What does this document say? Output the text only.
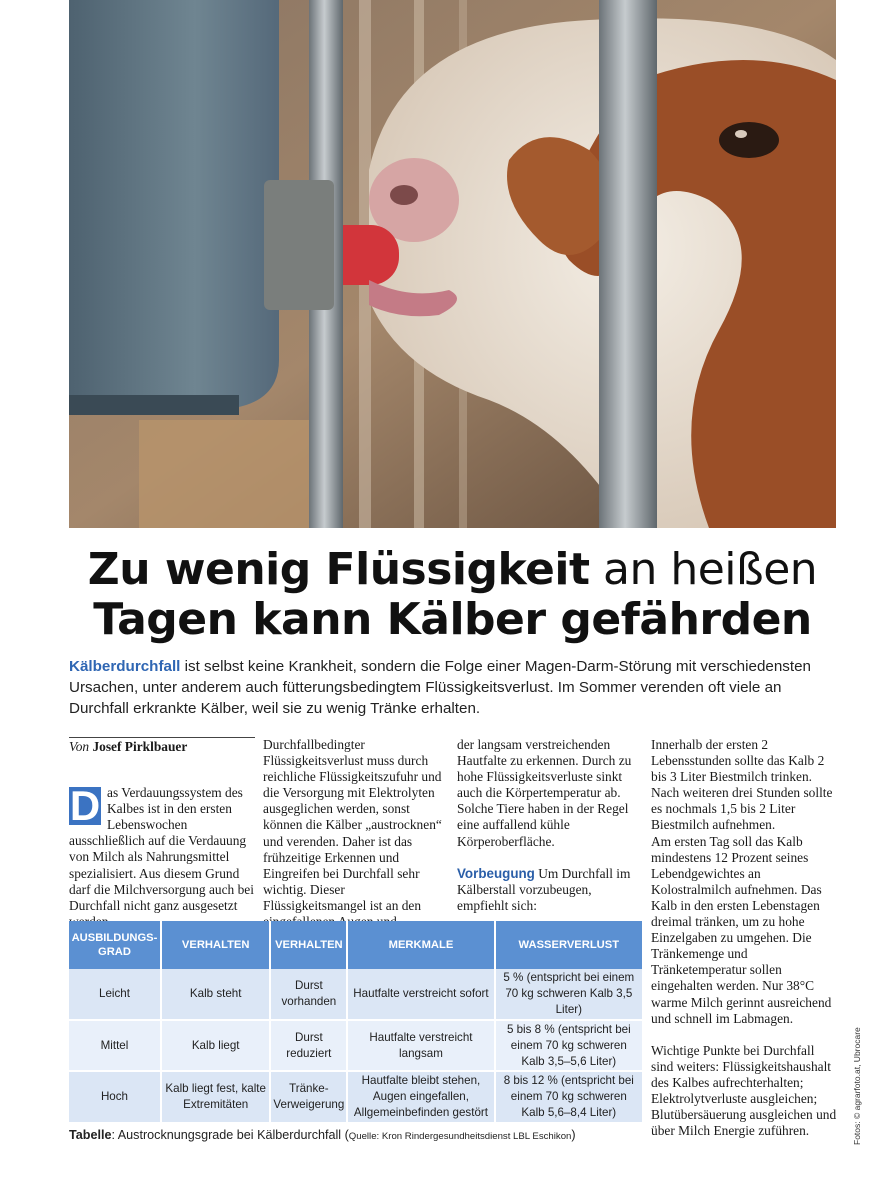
Zu wenig Flüssigkeit an heißen
Tagen kann Kälber gefährden

Kälberdurchfall ist selbst keine Krankheit, sondern die Folge einer Magen-Darm-Störung mit verschiedensten Ursachen, unter anderem auch fütterungsbedingtem Flüssigkeitsverlust. Im Sommer verenden oft viele an Durchfall erkrankte Kälber, weil sie zu wenig Tränke erhalten.

Von Josef Pirklbauer
D as Verdauungssystem des Kalbes ist in den ersten Lebenswochen ausschließlich auf die Verdauung von Milch als Nahrungsmittel spezialisiert. Aus diesem Grund darf die Milchversorgung auch bei Durchfall nicht ganz ausgesetzt

Durchfallbedingter Flüssigkeitsverlust muss durch reichliche Flüssigkeitszufuhr und die Versorgung mit Elektrolyten ausgeglichen werden, sonst können die Kälber „austrocknen“ und verenden. Daher ist das frühzeitige Erkennen und Eingreifen bei Durchfall sehr wichtig. Dieser Flüssigkeitsmangel ist an den

der langsam verstreichenden Hautfalte zu erkennen. Durch zu hohe Flüssigkeitsverluste sinkt auch die Körpertemperatur ab. Solche Tiere haben in der Regel eine auffallend kühle Körperoberfläche.

Vorbeugung Um Durchfall im Kälberstall vorzubeugen, empfiehlt sich:

Innerhalb der ersten 2 Lebensstunden sollte das Kalb 2 bis 3 Liter Biestmilch trinken. Nach weiteren drei Stunden sollte es nochmals 1,5 bis 2 Liter Biestmilch aufnehmen.

Am ersten Tag soll das Kalb mindestens 12 Prozent seines Lebendgewichtes an Kolostralmilch aufnehmen. Das Kalb in den ersten Lebenstagen dreimal tränken, um zu hohe Einzelgaben zu umgehen. Die Tränkemenge und Tränketemperatur sollen eingehalten werden. Nur 38°C warme Milch gerinnt ausreichend und schnell im Labmagen.

Wichtige Punkte bei Durchfall sind weiters: Flüssigkeitshaushalt des Kalbes aufrechterhalten; Elektrolytverluste ausgleichen; Blutübersäuerung ausgleichen und über Milch Energie zuführen.

AUSBILDUNGS-GRAD	VERHALTEN	VERHALTEN	MERKMALE	WASSERVERLUST
Leicht	Kalb steht	Durst vorhanden	Hautfalte verstreicht sofort	5 % (entspricht bei einem 70 kg schweren Kalb 3,5 Liter)
Mittel	Kalb liegt	Durst reduziert	Hautfalte verstreicht langsam	5 bis 8 % (entspricht bei einem 70 kg schweren Kalb 3,5–5,6 Liter)
Hoch	Kalb liegt fest, kalte Extremitäten	Tränke-Verweigerung	Hautfalte bleibt stehen, Augen eingefallen, Allgemeinbefinden gestört	8 bis 12 % (entspricht bei einem 70 kg schweren Kalb 5,6–8,4 Liter)
Tabelle: Austrocknungsgrade bei Kälberdurchfall (Quelle: Kron Rindergesundheitsdienst LBL Eschikon)	Fotos: © agrarfoto.at, Ubrocare
